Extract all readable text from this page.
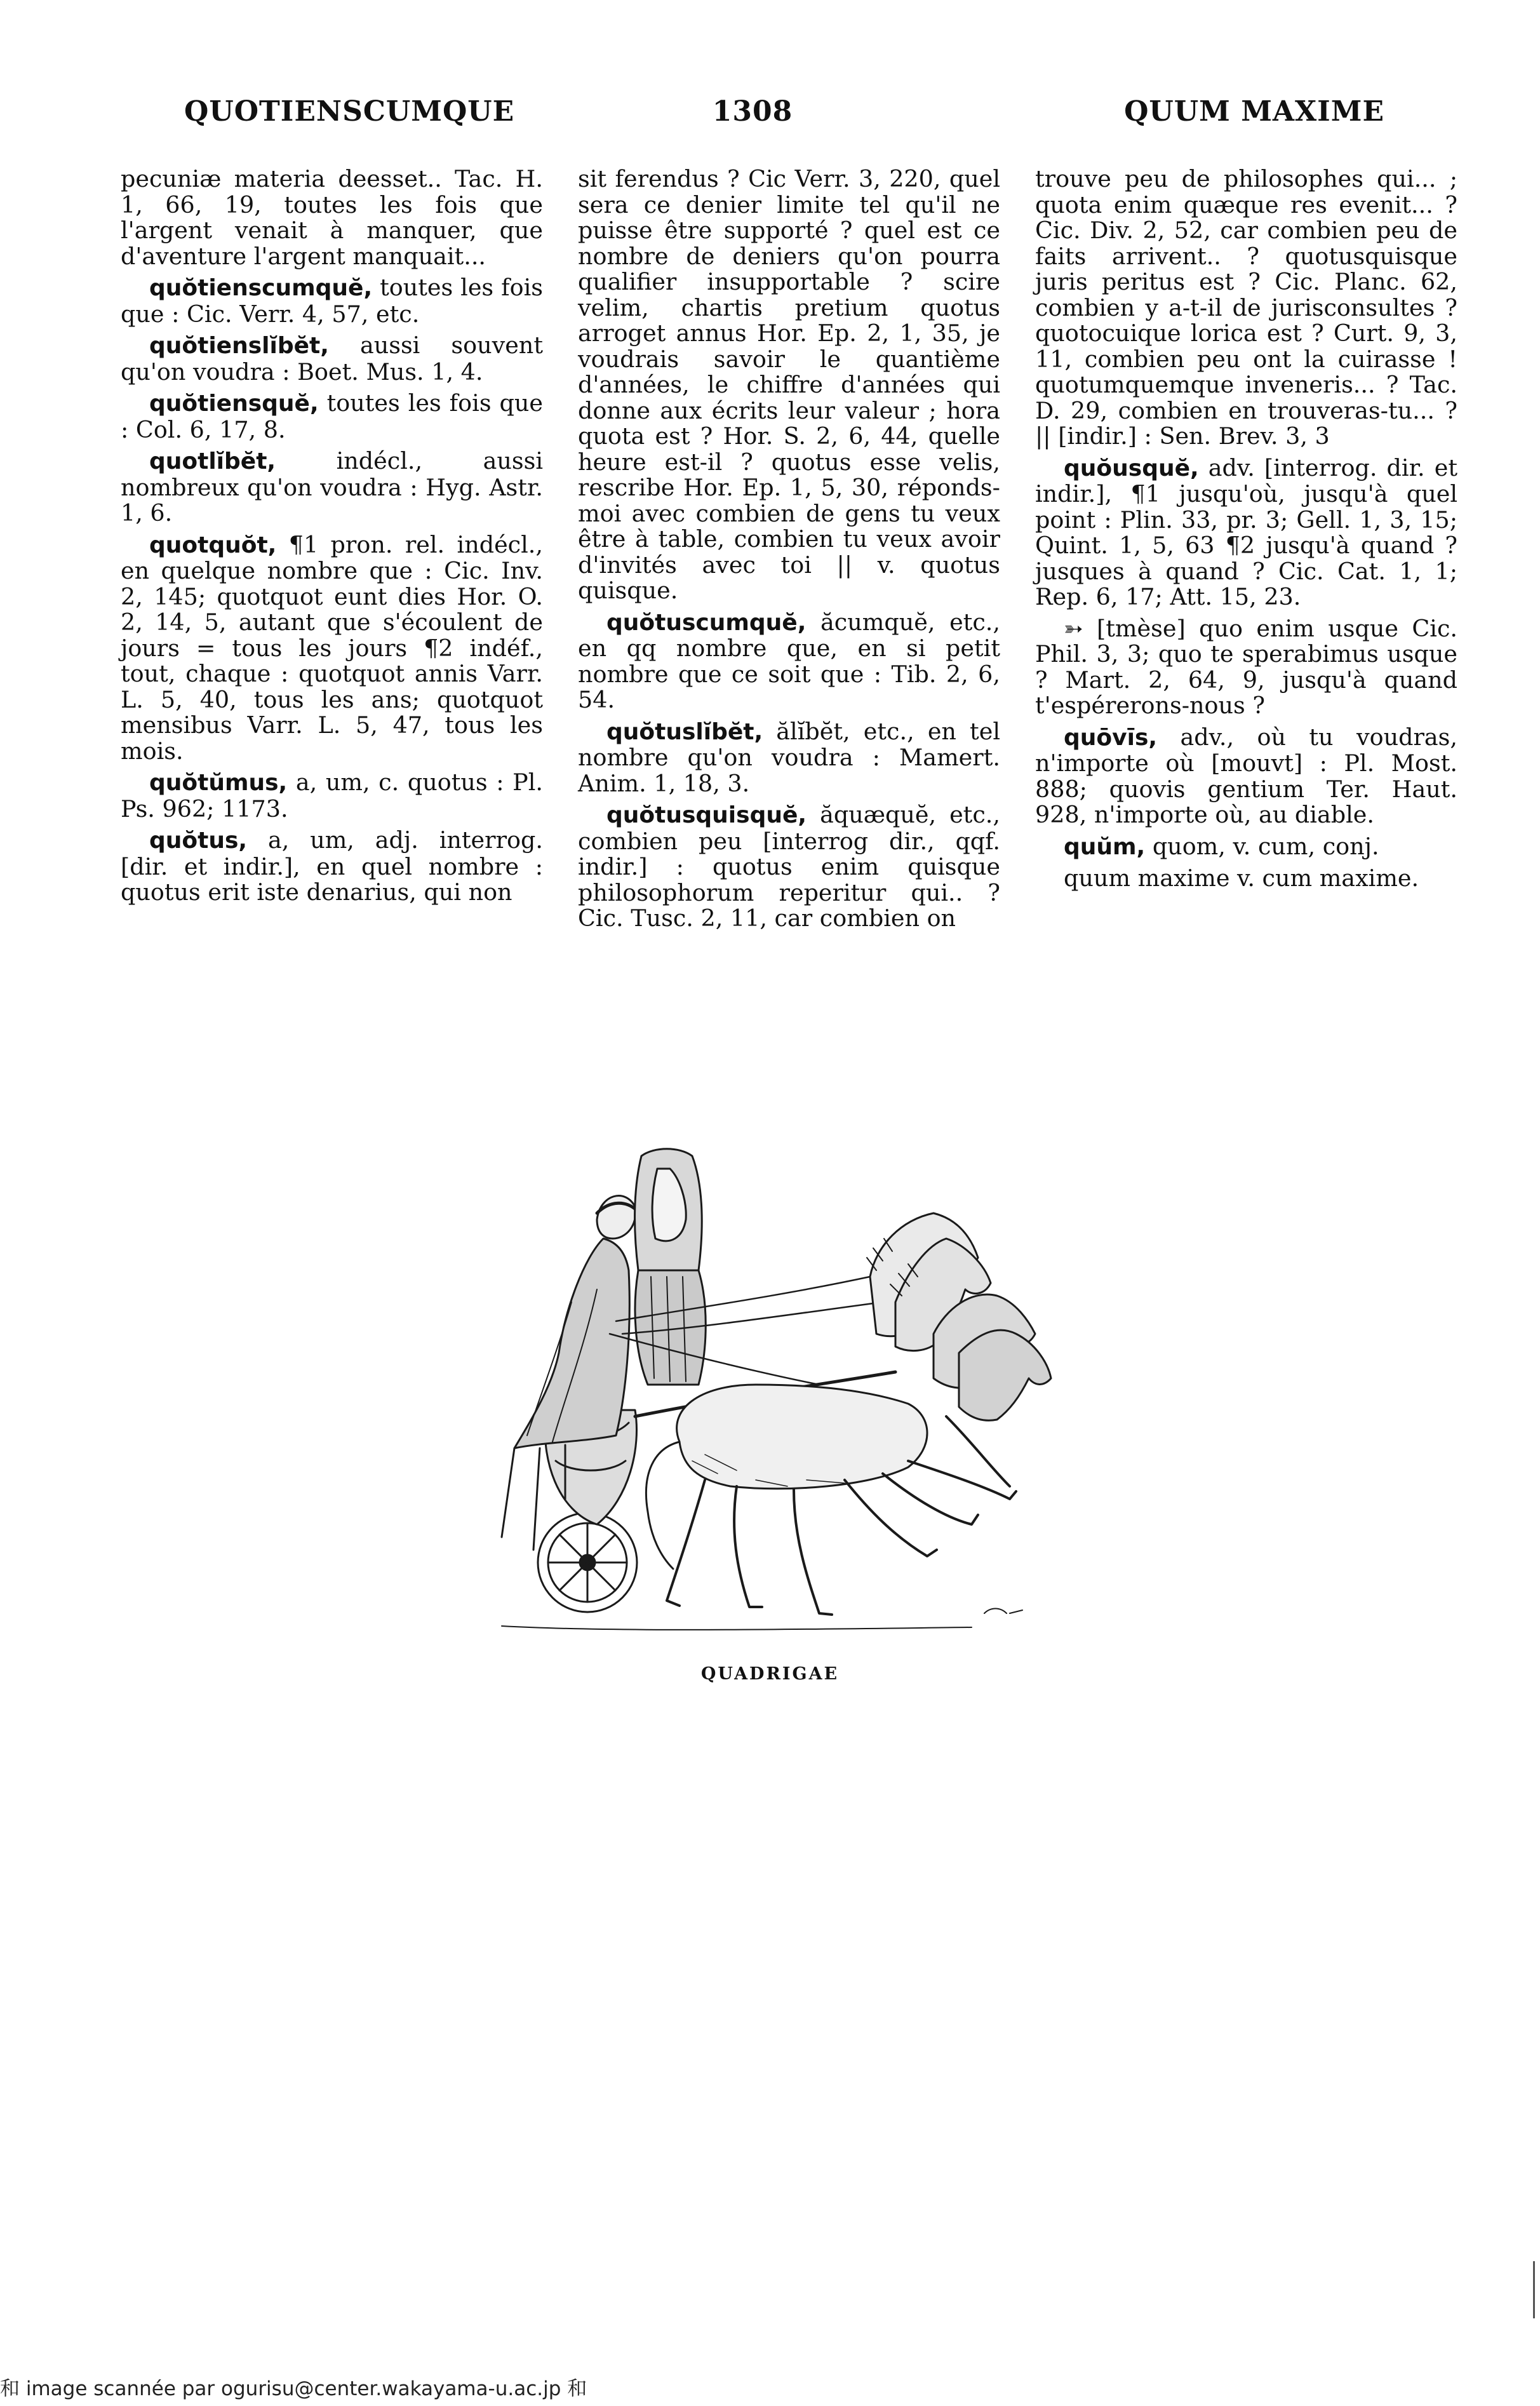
QUOTIENSCUMQUE	1308	QUUM MAXIME

pecuniæ materia deesset.. Tac. H. 1, 66, 19, toutes les fois que l'argent venait à manquer, que d'aventure l'argent manquait...

quŏtienscumquĕ, toutes les fois que : Cic. Verr. 4, 57, etc.

quŏtienslĭbĕt, aussi souvent qu'on voudra : Boet. Mus. 1, 4.

quŏtiensquĕ, toutes les fois que : Col. 6, 17, 8.

quotlĭbĕt, indécl., aussi nombreux qu'on voudra : Hyg. Astr. 1, 6.

quotquŏt, ¶1 pron. rel. indécl., en quelque nombre que : Cic. Inv. 2, 145; quotquot eunt dies Hor. O. 2, 14, 5, autant que s'écoulent de jours = tous les jours ¶2 indéf., tout, chaque : quotquot annis Varr. L. 5, 40, tous les ans; quotquot mensibus Varr. L. 5, 47, tous les mois.

quŏtŭmus, a, um, c. quotus : Pl. Ps. 962; 1173.

quŏtus, a, um, adj. interrog. [dir. et indir.], en quel nombre : quotus erit iste denarius, qui non

sit ferendus ? Cic Verr. 3, 220, quel sera ce denier limite tel qu'il ne puisse être supporté ? quel est ce nombre de deniers qu'on pourra qualifier insupportable ? scire velim, chartis pretium quotus arroget annus Hor. Ep. 2, 1, 35, je voudrais savoir le quantième d'années, le chiffre d'années qui donne aux écrits leur valeur ; hora quota est ? Hor. S. 2, 6, 44, quelle heure est-il ? quotus esse velis, rescribe Hor. Ep. 1, 5, 30, réponds-moi avec combien de gens tu veux être à table, combien tu veux avoir d'invités avec toi || v. quotus quisque.

quŏtuscumquĕ, ăcumquĕ, etc., en qq nombre que, en si petit nombre que ce soit que : Tib. 2, 6, 54.

quŏtuslĭbĕt, ălĭbĕt, etc., en tel nombre qu'on voudra : Mamert. Anim. 1, 18, 3.

quŏtusquisquĕ, ăquæquĕ, etc., combien peu [interrog dir., qqf. indir.] : quotus enim quisque philosophorum reperitur qui.. ? Cic. Tusc. 2, 11, car combien on

trouve peu de philosophes qui... ; quota enim quæque res evenit... ? Cic. Div. 2, 52, car combien peu de faits arrivent.. ? quotusquisque juris peritus est ? Cic. Planc. 62, combien y a-t-il de jurisconsultes ? quotocuique lorica est ? Curt. 9, 3, 11, combien peu ont la cuirasse ! quotumquemque inveneris... ? Tac. D. 29, combien en trouveras-tu... ? || [indir.] : Sen. Brev. 3, 3

quŏusquĕ, adv. [interrog. dir. et indir.], ¶1 jusqu'où, jusqu'à quel point : Plin. 33, pr. 3; Gell. 1, 3, 15; Quint. 1, 5, 63 ¶2 jusqu'à quand ? jusques à quand ? Cic. Cat. 1, 1; Rep. 6, 17; Att. 15, 23.

➳ [tmèse] quo enim usque Cic. Phil. 3, 3; quo te sperabimus usque ? Mart. 2, 64, 9, jusqu'à quand t'espérerons-nous ?

quōvīs, adv., où tu voudras, n'importe où [mouvt] : Pl. Most. 888; quovis gentium Ter. Haut. 928, n'importe où, au diable.

quŭm, quom, v. cum, conj.

quum maxime v. cum maxime.

QUADRIGAE
和 image scannée par ogurisu@center.wakayama-u.ac.jp 和
